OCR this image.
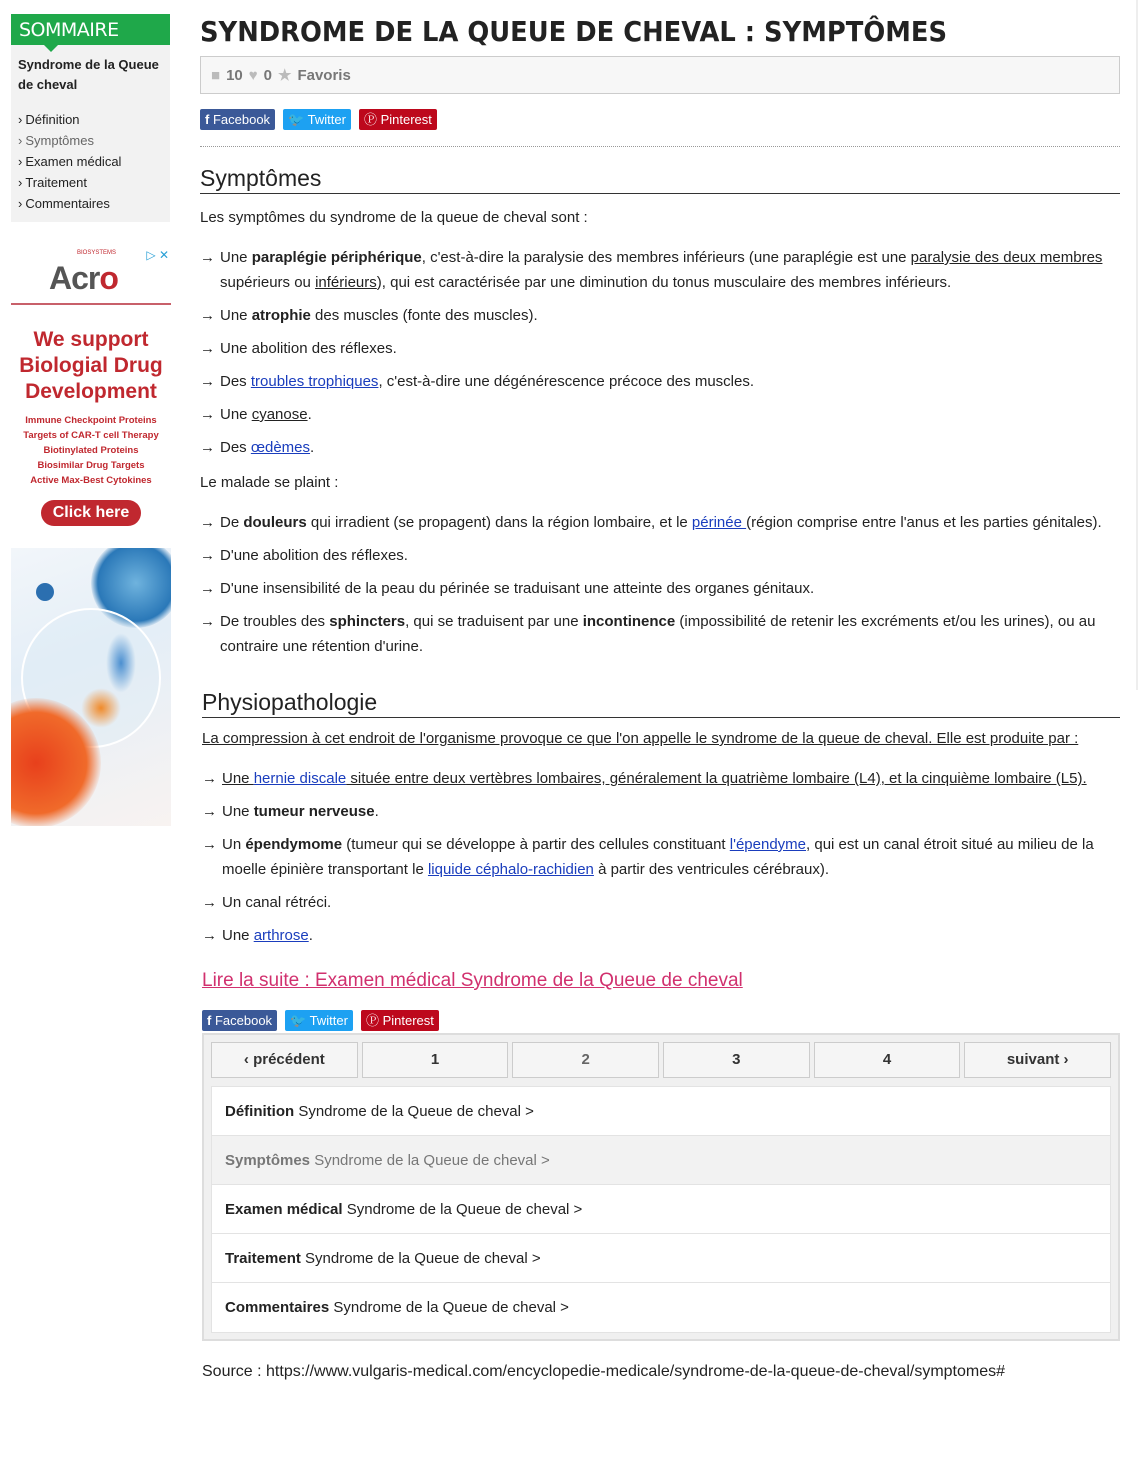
SOMMAIRE
Syndrome de la Queue de cheval
› Définition
› Symptômes
› Examen médical
› Traitement
› Commentaires
BIOSYSTEMS
Acro
▷ ✕
We support
Biologial Drug
Development
Immune Checkpoint Proteins
Targets of CAR-T cell Therapy
Biotinylated Proteins
Biosimilar Drug Targets
Active Max-Best Cytokines
Click here
SYNDROME DE LA QUEUE DE CHEVAL : SYMPTÔMES
■ 10 ♥ 0 ★ Favoris
f Facebook	🐦 Twitter	Ⓟ Pinterest
Symptômes

Les symptômes du syndrome de la queue de cheval sont :

→ Une paraplégie périphérique, c'est-à-dire la paralysie des membres inférieurs (une paraplégie est une paralysie des deux membres supérieurs ou inférieurs), qui est caractérisée par une diminution du tonus musculaire des membres inférieurs.
→ Une atrophie des muscles (fonte des muscles).
→ Une abolition des réflexes.
→ Des troubles trophiques, c'est-à-dire une dégénérescence précoce des muscles.
→ Une cyanose.
→ Des œdèmes.

Le malade se plaint :

→ De douleurs qui irradient (se propagent) dans la région lombaire, et le périnée (région comprise entre l'anus et les parties génitales).
→ D'une abolition des réflexes.
→ D'une insensibilité de la peau du périnée se traduisant une atteinte des organes génitaux.
→ De troubles des sphincters, qui se traduisent par une incontinence (impossibilité de retenir les excréments et/ou les urines), ou au contraire une rétention d'urine.
Physiopathologie

La compression à cet endroit de l'organisme provoque ce que l'on appelle le syndrome de la queue de cheval. Elle est produite par :

→ Une hernie discale située entre deux vertèbres lombaires, généralement la quatrième lombaire (L4), et la cinquième lombaire (L5).
→ Une tumeur nerveuse.
→ Un épendymome (tumeur qui se développe à partir des cellules constituant l'épendyme, qui est un canal étroit situé au milieu de la moelle épinière transportant le liquide céphalo-rachidien à partir des ventricules cérébraux).
→ Un canal rétréci.
→ Une arthrose.
Lire la suite : Examen médical Syndrome de la Queue de cheval
f Facebook	🐦 Twitter	Ⓟ Pinterest
‹ précédent	1	2	3	4	suivant ›
Définition Syndrome de la Queue de cheval >
Symptômes Syndrome de la Queue de cheval >
Examen médical Syndrome de la Queue de cheval >
Traitement Syndrome de la Queue de cheval >
Commentaires Syndrome de la Queue de cheval >
Source : https://www.vulgaris-medical.com/encyclopedie-medicale/syndrome-de-la-queue-de-cheval/symptomes#
